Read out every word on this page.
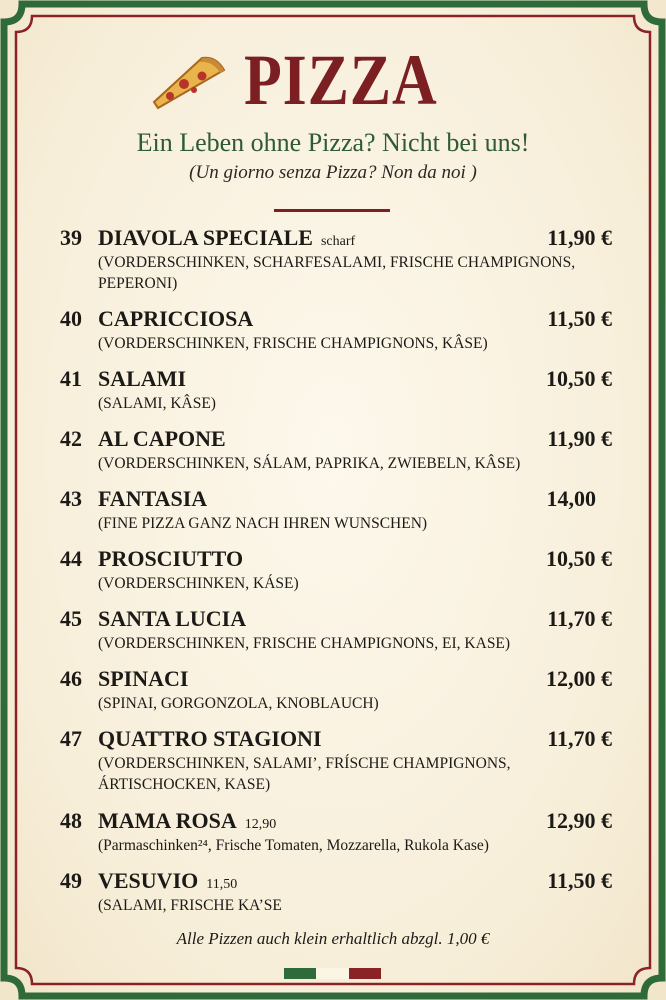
PIZZA
Ein Leben ohne Pizza? Nicht bei uns!
(Un giorno senza Pizza? Non da noi )
39 DIAVOLA SPECIALE scharf	11,90 €
(VORDERSCHINKEN, SCHARFESALAMI, FRISCHE CHAMPIGNONS, PEPERONI)
40 CAPRICCIOSA	11,50 €
(VORDERSCHINKEN, FRISCHE CHAMPIGNONS, KÂSE)
41 SALAMI	10,50 €
(SALAMI, KÂSE)
42 AL CAPONE	11,90 €
(VORDERSCHINKEN, SÁLAM, PAPRIKA, ZWIEBELN, KÂSE)
43 FANTASIA	14,00
(FINE PIZZA GANZ NACH IHREN WUNSCHEN)
44 PROSCIUTTO	10,50 €
(VORDERSCHINKEN, KÁSE)
45 SANTA LUCIA	11,70 €
(VORDERSCHINKEN, FRISCHE CHAMPIGNONS, EI, KASE)
46 SPINACI	12,00 €
(SPINAI, GORGONZOLA, KNOBLAUCH)
47 QUATTRO STAGIONI	11,70 €
(VORDERSCHINKEN, SALAMI’, FRÍSCHE CHAMPIGNONS, ÁRTISCHOCKEN, KASE)
48 MAMA ROSA 12,90	12,90 €
(Parmaschinken²⁴, Frische Tomaten, Mozzarella, Rukola Kase)
49 VESUVIO 11,50	11,50 €
(SALAMI, FRISCHE KA’SE
Alle Pizzen auch klein erhaltlich abzgl. 1,00 €
